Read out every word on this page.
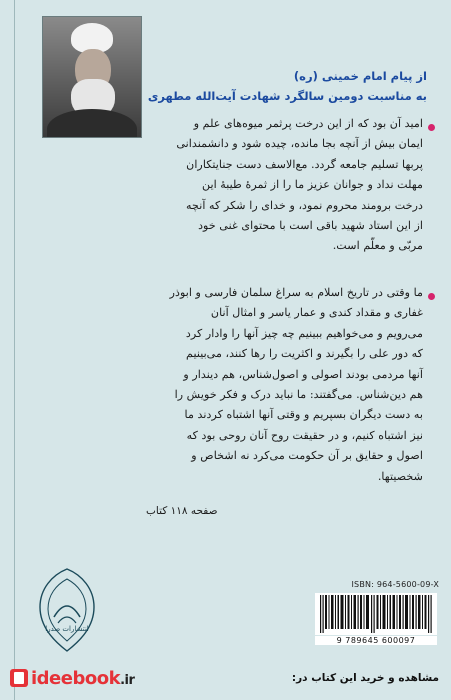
از پیام امام خمینی (ره)
به مناسبت دومین سالگرد شهادت آیت‌الله مطهری
امید آن بود که از این درخت پرثمر میوه‌های علم و
ایمان بیش از آنچه بجا مانده، چیده شود و دانشمندانی
پربها تسلیم جامعه گردد. مع‌الاسف دست جنایتکاران
مهلت نداد و جوانان عزیز ما را از ثمرهٔ طیبهٔ این
درخت برومند محروم نمود، و خدای را شکر که آنچه
از این استاد شهید باقی است با محتوای غنی خود
مربّی و معلّم است.
ما وقتی در تاریخ اسلام به سراغ سلمان فارسی و ابوذر
غفاری و مقداد کندی و عمار یاسر و امثال آنان
می‌رویم و می‌خواهیم ببینیم چه چیز آنها را وادار کرد
که دور علی را بگیرند و اکثریت را رها کنند، می‌بینیم
آنها مردمی بودند اصولی و اصول‌شناس، هم دیندار و
هم دین‌شناس. می‌گفتند: ما نباید درک و فکر خویش را
به دست دیگران بسپریم و وقتی آنها اشتباه کردند ما
نیز اشتباه کنیم، و در حقیقت روح آنان روحی بود که
اصول و حقایق بر آن حکومت می‌کرد نه اشخاص و
شخصیتها.
صفحه ۱۱۸ کتاب
انتشارات صدرا
ISBN: 964-5600-09-X
9 789645 600097
ideebook.ir	مشاهده و خرید این کتاب در:
